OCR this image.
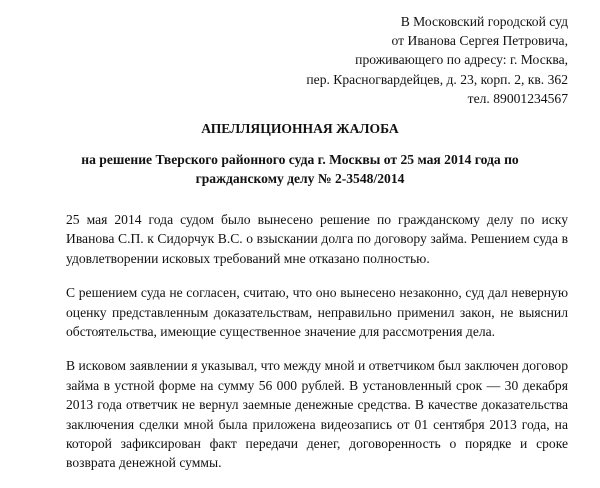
В Московский городской суд
от Иванова Сергея Петровича,
проживающего по адресу: г. Москва,
пер. Красногвардейцев, д. 23, корп. 2, кв. 362
тел. 89001234567
АПЕЛЛЯЦИОННАЯ ЖАЛОБА
на решение Тверского районного суда г. Москвы от 25 мая 2014 года по гражданскому делу № 2-3548/2014

25 мая 2014 года судом было вынесено решение по гражданскому делу по иску Иванова С.П. к Сидорчук В.С. о взыскании долга по договору займа. Решением суда в удовлетворении исковых требований мне отказано полностью.

С решением суда не согласен, считаю, что оно вынесено незаконно, суд дал неверную оценку представленным доказательствам, неправильно применил закон, не выяснил обстоятельства, имеющие существенное значение для рассмотрения дела.

В исковом заявлении я указывал, что между мной и ответчиком был заключен договор займа в устной форме на сумму 56 000 рублей. В установленный срок — 30 декабря 2013 года ответчик не вернул заемные денежные средства. В качестве доказательства заключения сделки мной была приложена видеозапись от 01 сентября 2013 года, на которой зафиксирован факт передачи денег, договоренность о порядке и сроке возврата денежной суммы.
